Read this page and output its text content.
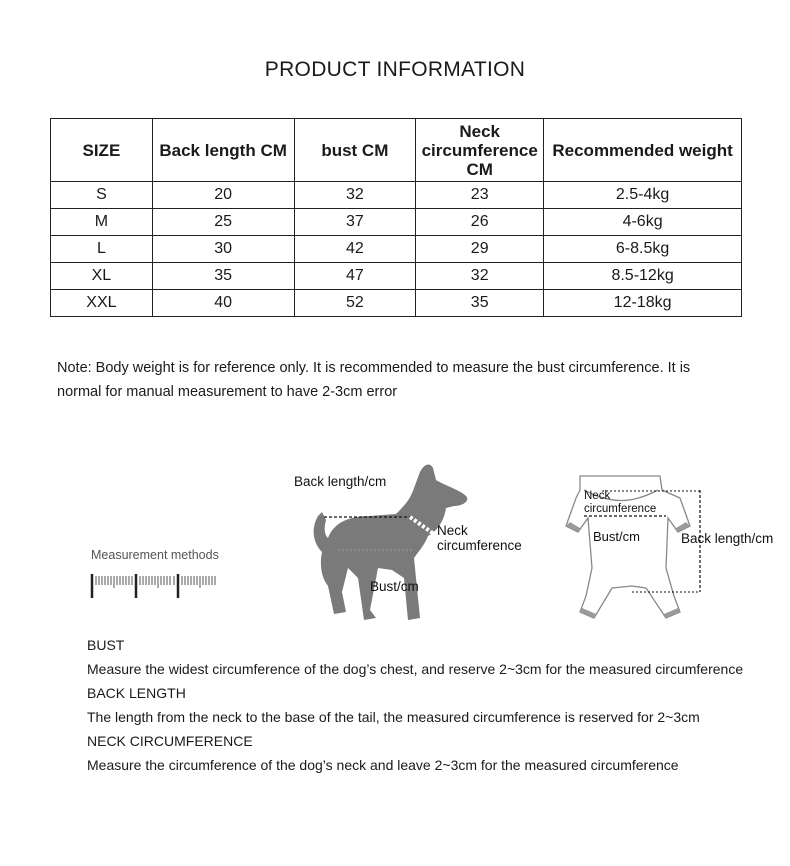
PRODUCT INFORMATION
SIZE	Back length CM	bust CM	Neck circumference CM	Recommended weight
S	20	32	23	2.5-4kg
M	25	37	26	4-6kg
L	30	42	29	6-8.5kg
XL	35	47	32	8.5-12kg
XXL	40	52	35	12-18kg
Note: Body weight is for reference only. It is recommended to measure the bust circumference. It is
normal for manual measurement to have 2-3cm error
Measurement methods
Back length/cm
Neck
circumference
Bust/cm
Neck
circumference
Bust/cm	Back length/cm
BUST
Measure the widest circumference of the dog’s chest, and reserve 2~3cm for the measured circumference
BACK LENGTH
The length from the neck to the base of the tail, the measured circumference is reserved for 2~3cm
NECK CIRCUMFERENCE
Measure the circumference of the dog’s neck and leave 2~3cm for the measured circumference
